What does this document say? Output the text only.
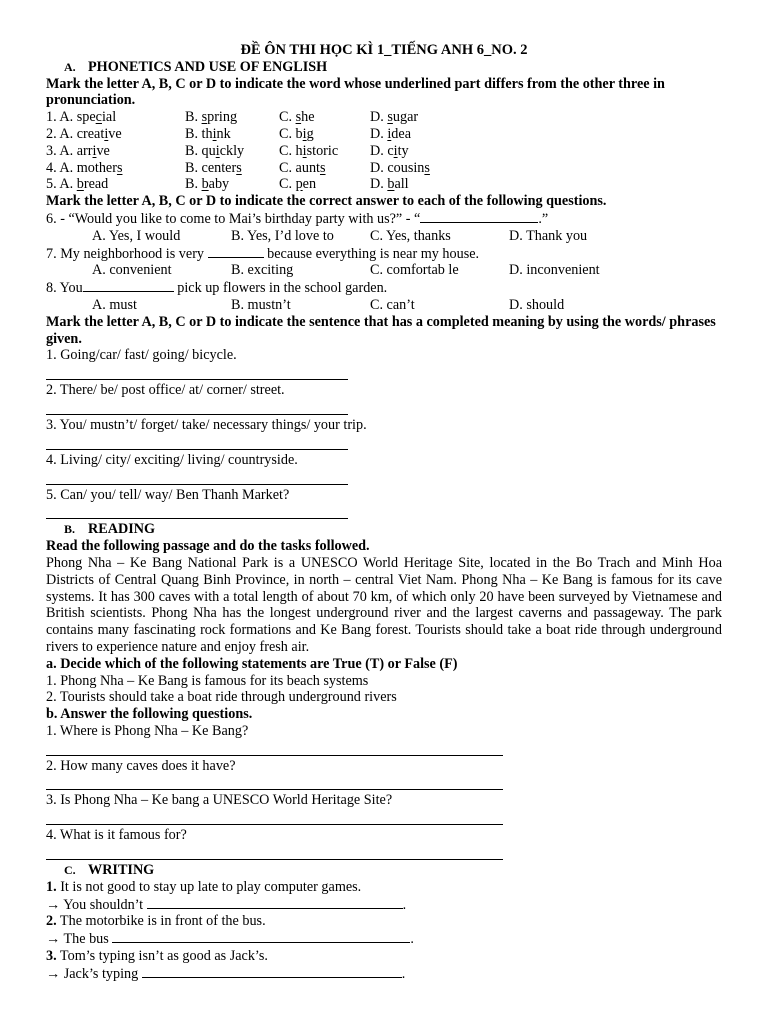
ĐỀ ÔN THI HỌC KÌ 1_TIẾNG ANH 6_NO. 2
A. PHONETICS AND USE OF ENGLISH
Mark the letter A, B, C or D to indicate the word whose underlined part differs from the other three in pronunciation.
1. A. special	B. spring	C. she	D. sugar
2. A. creative	B. think	C. big	D. idea
3. A. arrive	B. quickly	C. historic	D. city
4. A. mothers	B. centers	C. aunts	D. cousins
5. A. bread	B. baby	C. pen	D. ball
Mark the letter A, B, C or D to indicate the correct answer to each of the following questions.
6. - “Would you like to come to Mai’s birthday party with us?” - “	.”
A. Yes, I would	B. Yes, I’d love to	C. Yes, thanks	D. Thank you
7. My neighborhood is very	because everything is near my house.
A. convenient	B. exciting	C. comfortab le	D. inconvenient
8. You	pick up flowers in the school garden.
A. must	B. mustn’t	C. can’t	D. should
Mark the letter A, B, C or D to indicate the sentence that has a completed meaning by using the words/ phrases given.
1. Going/car/ fast/ going/ bicycle.
2. There/ be/ post office/ at/ corner/ street.
3. You/ mustn’t/ forget/ take/ necessary things/ your trip.
4. Living/ city/ exciting/ living/ countryside.
5. Can/ you/ tell/ way/ Ben Thanh Market?
B. READING
Read the following passage and do the tasks followed.
Phong Nha – Ke Bang National Park is a UNESCO World Heritage Site, located in the Bo Trach and Minh Hoa Districts of Central Quang Binh Province, in north – central Viet Nam. Phong Nha – Ke Bang is famous for its cave systems. It has 300 caves with a total length of about 70 km, of which only 20 have been surveyed by Vietnamese and British scientists. Phong Nha has the longest underground river and the largest caverns and passageway. The park contains many fascinating rock formations and Ke Bang forest. Tourists should take a boat ride through underground rivers to experience nature and enjoy fresh air.
a. Decide which of the following statements are True (T) or False (F)
1. Phong Nha – Ke Bang is famous for its beach systems
2. Tourists should take a boat ride through underground rivers
b. Answer the following questions.
1. Where is Phong Nha – Ke Bang?
2. How many caves does it have?
3. Is Phong Nha – Ke bang a UNESCO World Heritage Site?
4. What is it famous for?
C. WRITING
1. It is not good to stay up late to play computer games.
→ You shouldn’t	.
2. The motorbike is in front of the bus.
→ The bus	.
3. Tom’s typing isn’t as good as Jack’s.
→ Jack’s typing	.
